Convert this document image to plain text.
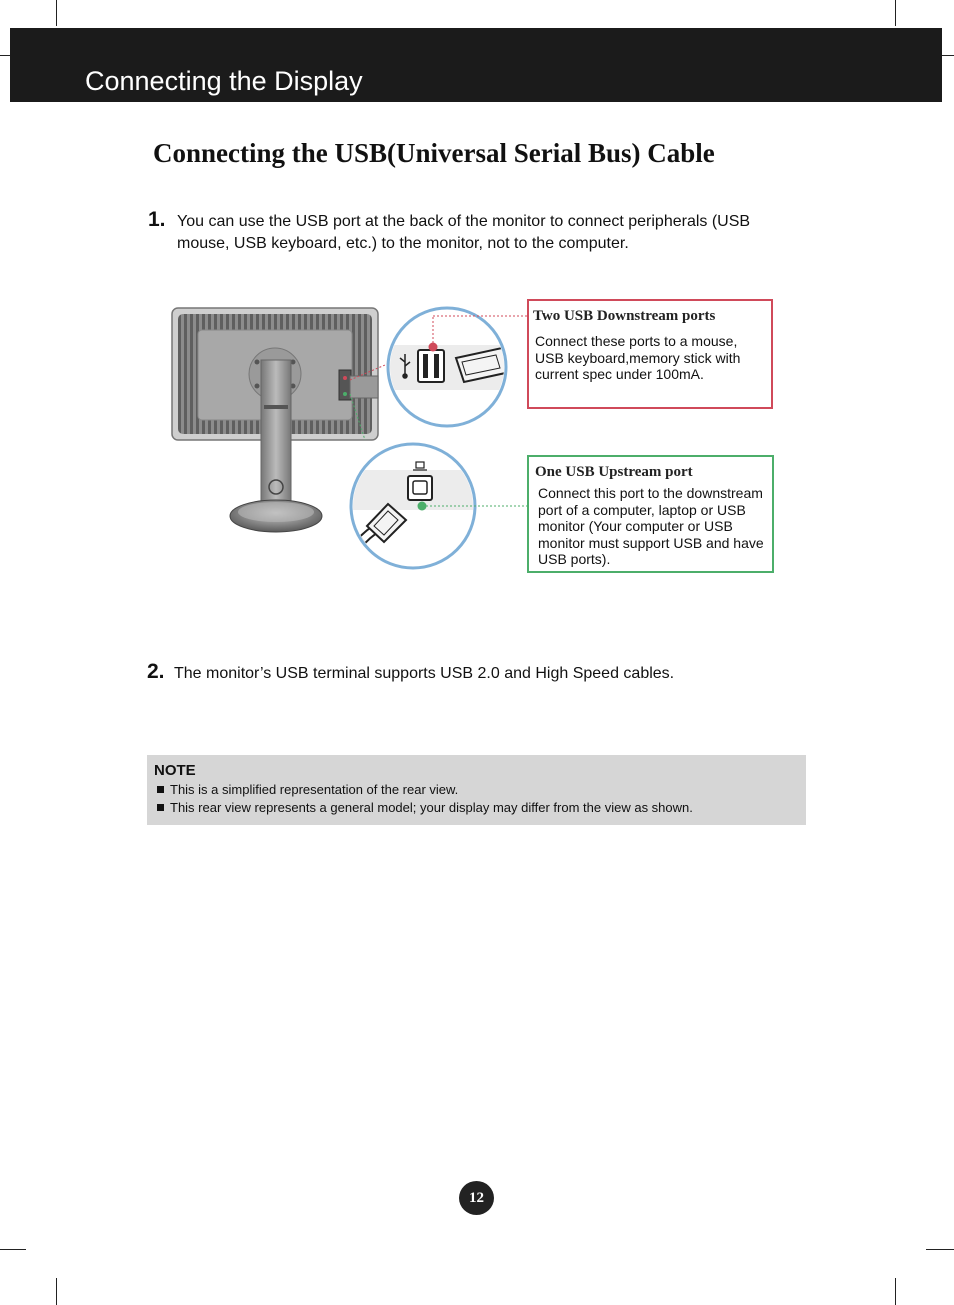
Connecting the Display
Connecting the USB(Universal Serial Bus) Cable
1. You can use the USB port at the back of the monitor to connect peripherals (USB
mouse, USB keyboard, etc.) to the monitor, not to the computer.
Two USB Downstream ports
Connect these ports to a mouse,
USB keyboard,memory stick with
current spec under 100mA.
One USB Upstream port
Connect this port to the downstream
port of a computer, laptop or USB
monitor (Your computer or USB
monitor must support USB and have
USB ports).
2. The monitor’s USB terminal supports USB 2.0 and High Speed cables.
NOTE
This is a simplified representation of the rear view.
This rear view represents a general model; your display may differ from the view as shown.
12
